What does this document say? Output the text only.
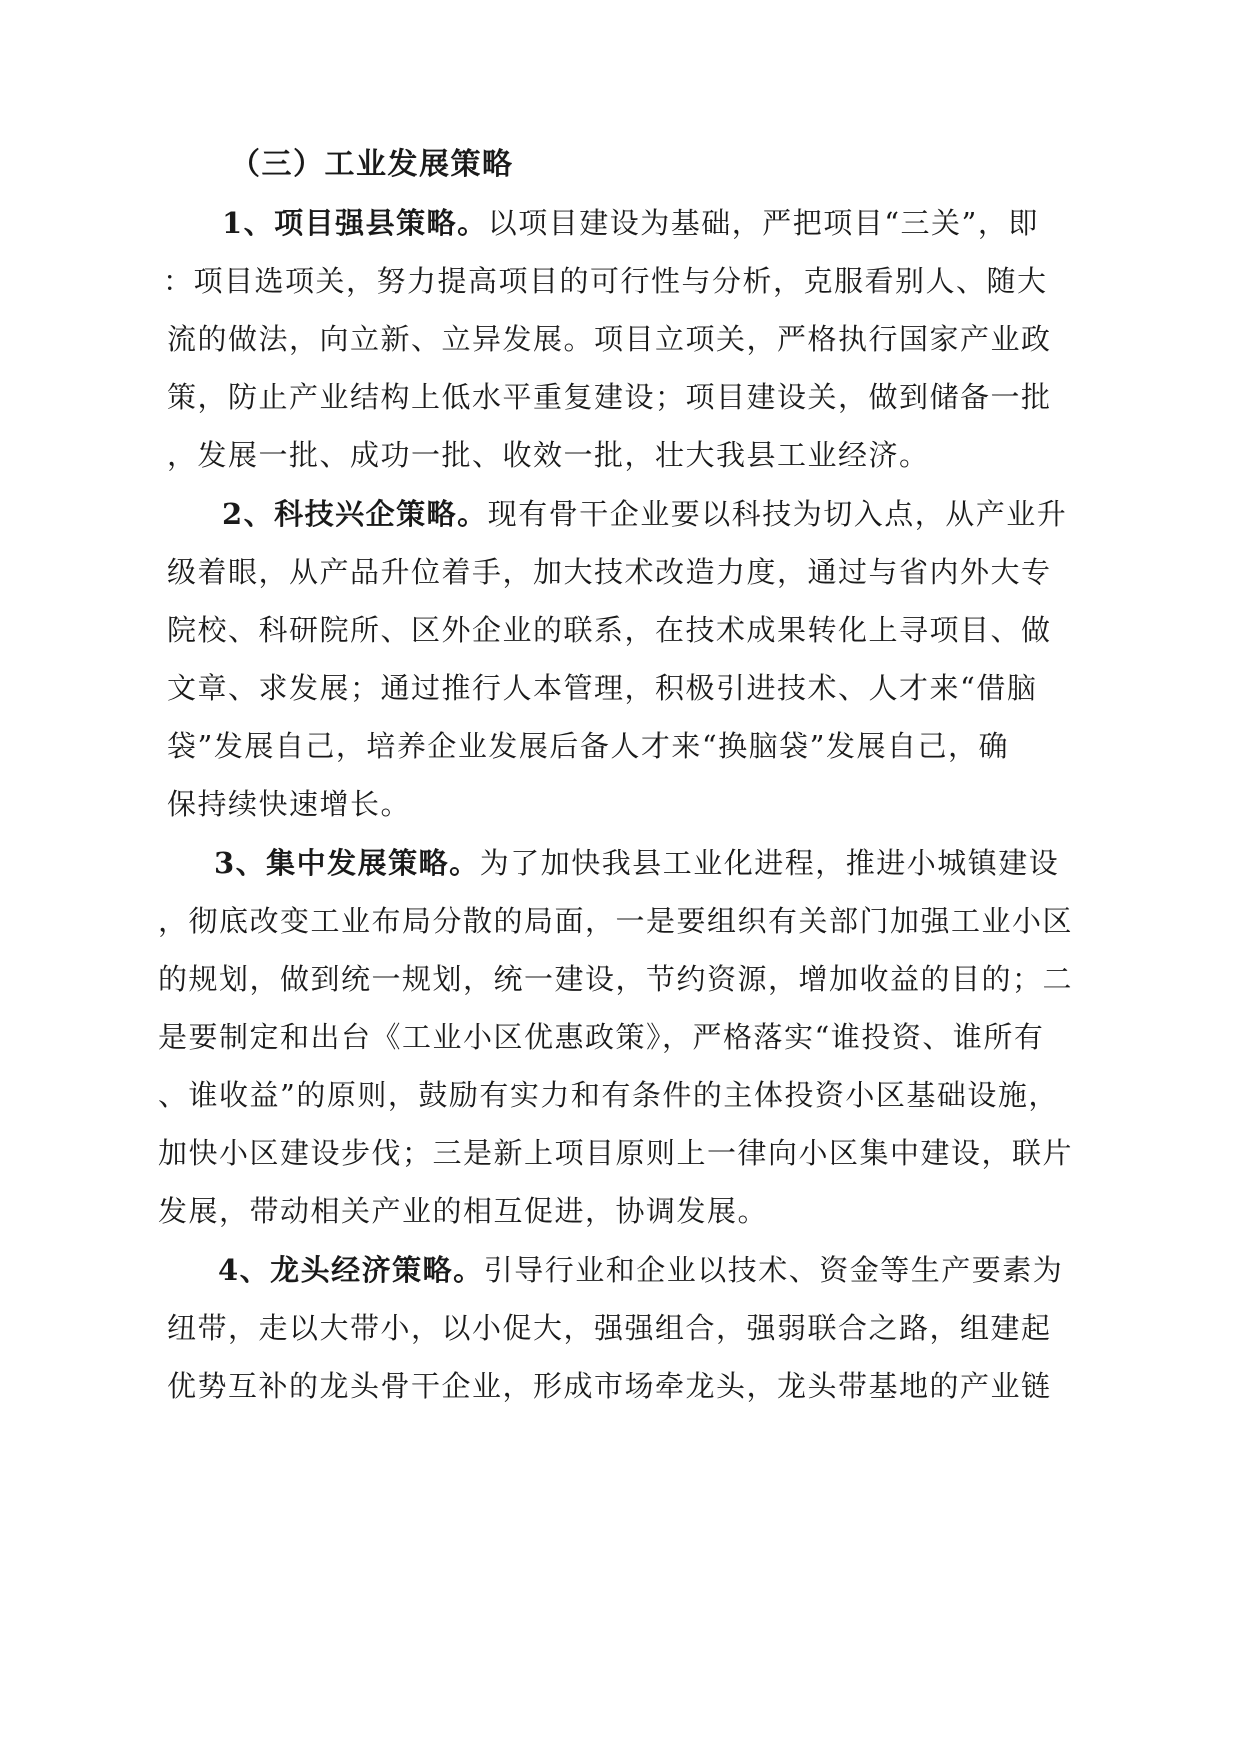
（三）工业发展策略
1、项目强县策略。以项目建设为基础，严把项目“三关”，即
：项目选项关，努力提高项目的可行性与分析，克服看别人、随大
流的做法，向立新、立异发展。项目立项关，严格执行国家产业政
策，防止产业结构上低水平重复建设；项目建设关，做到储备一批
，发展一批、成功一批、收效一批，壮大我县工业经济。
2、科技兴企策略。现有骨干企业要以科技为切入点，从产业升
级着眼，从产品升位着手，加大技术改造力度，通过与省内外大专
院校、科研院所、区外企业的联系，在技术成果转化上寻项目、做
文章、求发展；通过推行人本管理，积极引进技术、人才来“借脑
袋”发展自己，培养企业发展后备人才来“换脑袋”发展自己，确
保持续快速增长。
3、集中发展策略。为了加快我县工业化进程，推进小城镇建设
，彻底改变工业布局分散的局面，一是要组织有关部门加强工业小区
的规划，做到统一规划，统一建设，节约资源，增加收益的目的；二
是要制定和出台《工业小区优惠政策》，严格落实“谁投资、谁所有
、谁收益”的原则，鼓励有实力和有条件的主体投资小区基础设施，
加快小区建设步伐；三是新上项目原则上一律向小区集中建设，联片
发展，带动相关产业的相互促进，协调发展。
4、龙头经济策略。引导行业和企业以技术、资金等生产要素为
纽带，走以大带小，以小促大，强强组合，强弱联合之路，组建起
优势互补的龙头骨干企业，形成市场牵龙头，龙头带基地的产业链
